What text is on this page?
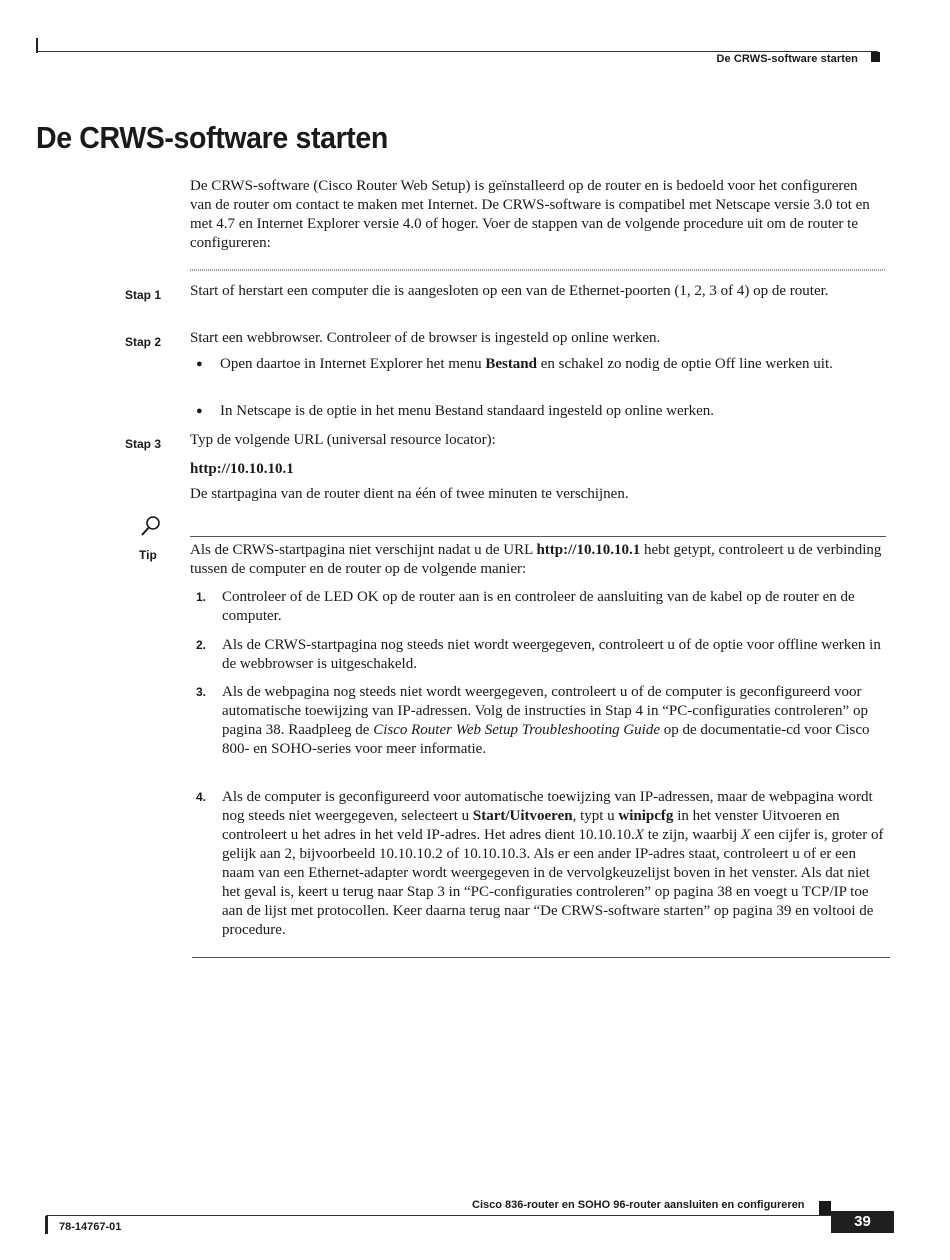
De CRWS-software starten
De CRWS-software starten
De CRWS-software (Cisco Router Web Setup) is geïnstalleerd op de router en is bedoeld voor het configureren van de router om contact te maken met Internet. De CRWS-software is compatibel met Netscape versie 3.0 tot en met 4.7 en Internet Explorer versie 4.0 of hoger. Voer de stappen van de volgende procedure uit om de router te configureren:
Stap 1 Start of herstart een computer die is aangesloten op een van de Ethernet-poorten (1, 2, 3 of 4) op de router.
Stap 2 Start een webbrowser. Controleer of de browser is ingesteld op online werken.
●	Open daartoe in Internet Explorer het menu Bestand en schakel zo nodig de optie Off line werken uit.
●	In Netscape is de optie in het menu Bestand standaard ingesteld op online werken.
Stap 3 Typ de volgende URL (universal resource locator):
http://10.10.10.1
De startpagina van de router dient na één of twee minuten te verschijnen.
Tip Als de CRWS-startpagina niet verschijnt nadat u de URL http://10.10.10.1 hebt getypt, controleert u de verbinding tussen de computer en de router op de volgende manier:
1.	Controleer of de LED OK op de router aan is en controleer de aansluiting van de kabel op de router en de computer.
2.	Als de CRWS-startpagina nog steeds niet wordt weergegeven, controleert u of de optie voor offline werken in de webbrowser is uitgeschakeld.
3.	Als de webpagina nog steeds niet wordt weergegeven, controleert u of de computer is geconfigureerd voor automatische toewijzing van IP-adressen. Volg de instructies in Stap 4 in “PC-configuraties controleren” op pagina 38. Raadpleeg de Cisco Router Web Setup Troubleshooting Guide op de documentatie-cd voor Cisco 800- en SOHO-series voor meer informatie.
4.	Als de computer is geconfigureerd voor automatische toewijzing van IP-adressen, maar de webpagina wordt nog steeds niet weergegeven, selecteert u Start/Uitvoeren, typt u winipcfg in het venster Uitvoeren en controleert u het adres in het veld IP-adres. Het adres dient 10.10.10.X te zijn, waarbij X een cijfer is, groter of gelijk aan 2, bijvoorbeeld 10.10.10.2 of 10.10.10.3. Als er een ander IP-adres staat, controleert u of er een naam van een Ethernet-adapter wordt weergegeven in de vervolgkeuzelijst boven in het venster. Als dat niet het geval is, keert u terug naar Stap 3 in “PC-configuraties controleren” op pagina 38 en voegt u TCP/IP toe aan de lijst met protocollen. Keer daarna terug naar “De CRWS-software starten” op pagina 39 en voltooi de procedure.
Cisco 836-router en SOHO 96-router aansluiten en configureren
39
78-14767-01
